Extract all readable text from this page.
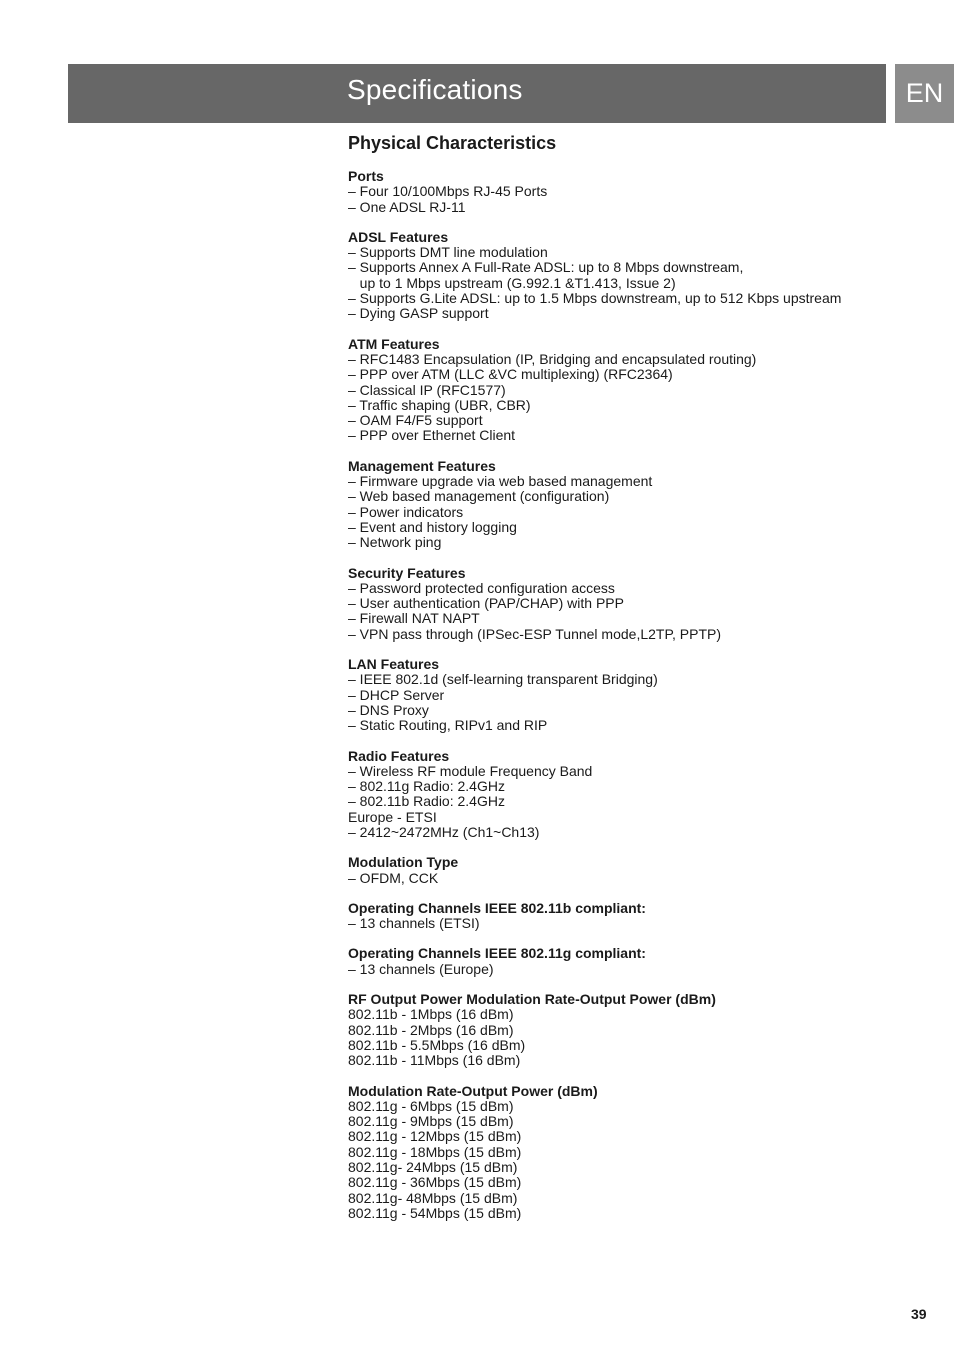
Specifications	EN
Physical Characteristics
Ports
– Four 10/100Mbps RJ-45 Ports
– One ADSL RJ-11
ADSL Features
– Supports DMT line modulation
– Supports Annex A Full-Rate ADSL: up to 8 Mbps downstream,
up to 1 Mbps upstream (G.992.1 &T1.413, Issue 2)
– Supports G.Lite ADSL: up to 1.5 Mbps downstream, up to 512 Kbps upstream
– Dying GASP support
ATM Features
– RFC1483 Encapsulation (IP, Bridging and encapsulated routing)
– PPP over ATM (LLC &VC multiplexing) (RFC2364)
– Classical IP (RFC1577)
– Traffic shaping (UBR, CBR)
– OAM F4/F5 support
– PPP over Ethernet Client
Management Features
– Firmware upgrade via web based management
– Web based management (configuration)
– Power indicators
– Event and history logging
– Network ping
Security Features
– Password protected configuration access
– User authentication (PAP/CHAP) with PPP
– Firewall NAT NAPT
– VPN pass through (IPSec-ESP Tunnel mode,L2TP, PPTP)
LAN Features
– IEEE 802.1d (self-learning transparent Bridging)
– DHCP Server
– DNS Proxy
– Static Routing, RIPv1 and RIP
Radio Features
– Wireless RF module Frequency Band
– 802.11g Radio: 2.4GHz
– 802.11b Radio: 2.4GHz
Europe - ETSI
– 2412~2472MHz (Ch1~Ch13)
Modulation Type
– OFDM, CCK
Operating Channels IEEE 802.11b compliant:
– 13 channels (ETSI)
Operating Channels IEEE 802.11g compliant:
– 13 channels (Europe)
RF Output Power Modulation Rate-Output Power (dBm)
802.11b - 1Mbps (16 dBm)
802.11b - 2Mbps (16 dBm)
802.11b - 5.5Mbps (16 dBm)
802.11b - 11Mbps (16 dBm)
Modulation Rate-Output Power (dBm)
802.11g - 6Mbps (15 dBm)
802.11g - 9Mbps (15 dBm)
802.11g - 12Mbps (15 dBm)
802.11g - 18Mbps (15 dBm)
802.11g- 24Mbps (15 dBm)
802.11g - 36Mbps (15 dBm)
802.11g- 48Mbps (15 dBm)
802.11g - 54Mbps (15 dBm)
39
